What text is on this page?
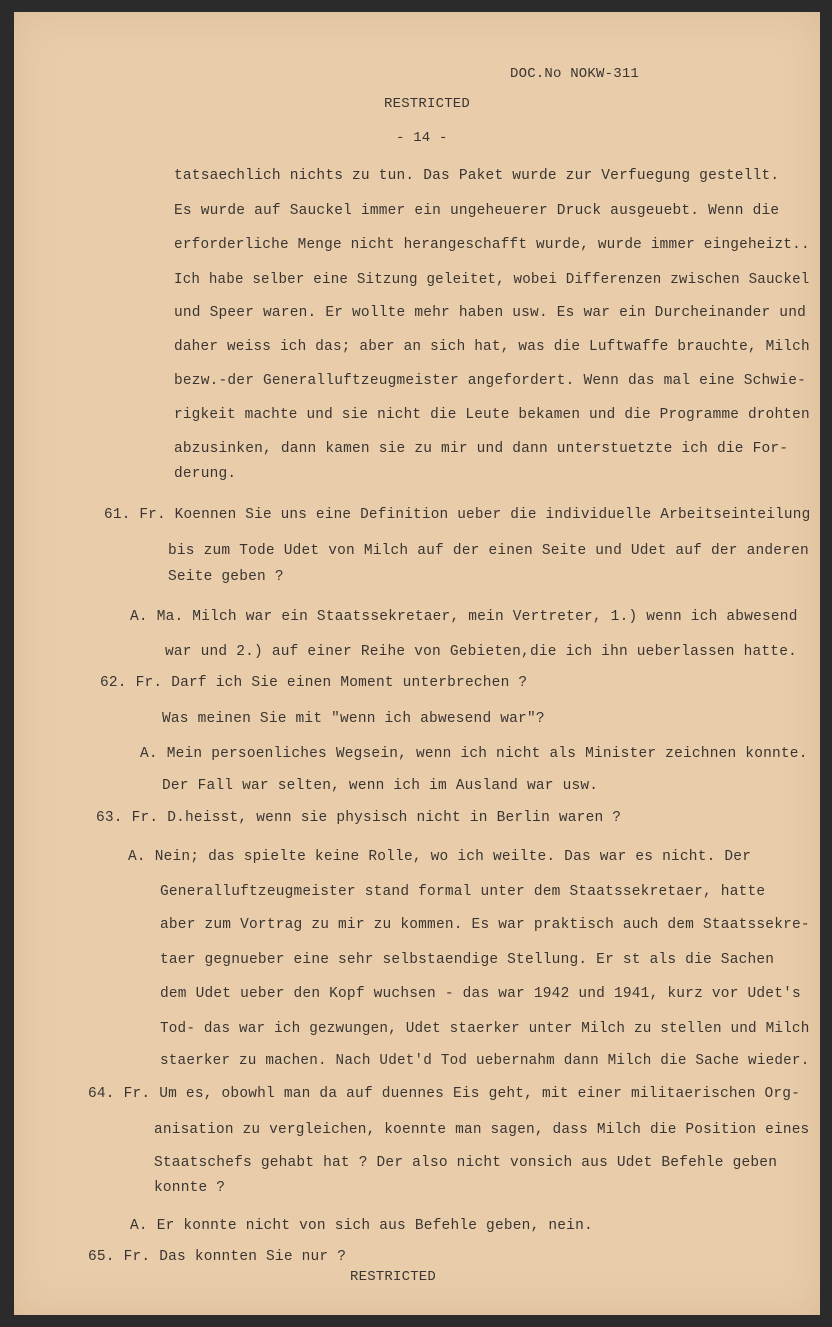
DOC.No NOKW-311
RESTRICTED
- 14 -
tatsaechlich nichts zu tun. Das Paket wurde zur Verfuegung gestellt.
Es wurde auf Sauckel immer ein ungeheuerer Druck ausgeuebt. Wenn die
erforderliche Menge nicht herangeschafft wurde, wurde immer eingeheizt..
Ich habe selber eine Sitzung geleitet, wobei Differenzen zwischen Sauckel
und Speer waren. Er wollte mehr haben usw. Es war ein Durcheinander und
daher weiss ich das; aber an sich hat, was die Luftwaffe brauchte, Milch
bezw.-der Generalluftzeugmeister angefordert. Wenn das mal eine Schwie-
rigkeit machte und sie nicht die Leute bekamen und die Programme drohten
abzusinken, dann kamen sie zu mir und dann unterstuetzte ich die For-
derung.
61. Fr. Koennen Sie uns eine Definition ueber die individuelle Arbeitseinteilung
bis zum Tode Udet von Milch auf der einen Seite und Udet auf der anderen
Seite geben ?
A. Ma. Milch war ein Staatssekretaer, mein Vertreter, 1.) wenn ich abwesend
war und 2.) auf einer Reihe von Gebieten,die ich ihn ueberlassen hatte.
62. Fr. Darf ich Sie einen Moment unterbrechen ?
Was meinen Sie mit "wenn ich abwesend war"?
A. Mein persoenliches Wegsein, wenn ich nicht als Minister zeichnen konnte.
Der Fall war selten, wenn ich im Ausland war usw.
63. Fr. D.heisst, wenn sie physisch nicht in Berlin waren ?
A. Nein; das spielte keine Rolle, wo ich weilte. Das war es nicht. Der
Generalluftzeugmeister stand formal unter dem Staatssekretaer, hatte
aber zum Vortrag zu mir zu kommen. Es war praktisch auch dem Staatssekre-
taer gegnueber eine sehr selbstaendige Stellung. Er st als die Sachen
dem Udet ueber den Kopf wuchsen - das war 1942 und 1941, kurz vor Udet's
Tod- das war ich gezwungen, Udet staerker unter Milch zu stellen und Milch
staerker zu machen. Nach Udet'd Tod uebernahm dann Milch die Sache wieder.
64. Fr. Um es, obowhl man da auf duennes Eis geht, mit einer militaerischen Org-
anisation zu vergleichen, koennte man sagen, dass Milch die Position eines
Staatschefs gehabt hat ? Der also nicht vonsich aus Udet Befehle geben
konnte ?
A. Er konnte nicht von sich aus Befehle geben, nein.
65. Fr. Das konnten Sie nur ?
RESTRICTED
